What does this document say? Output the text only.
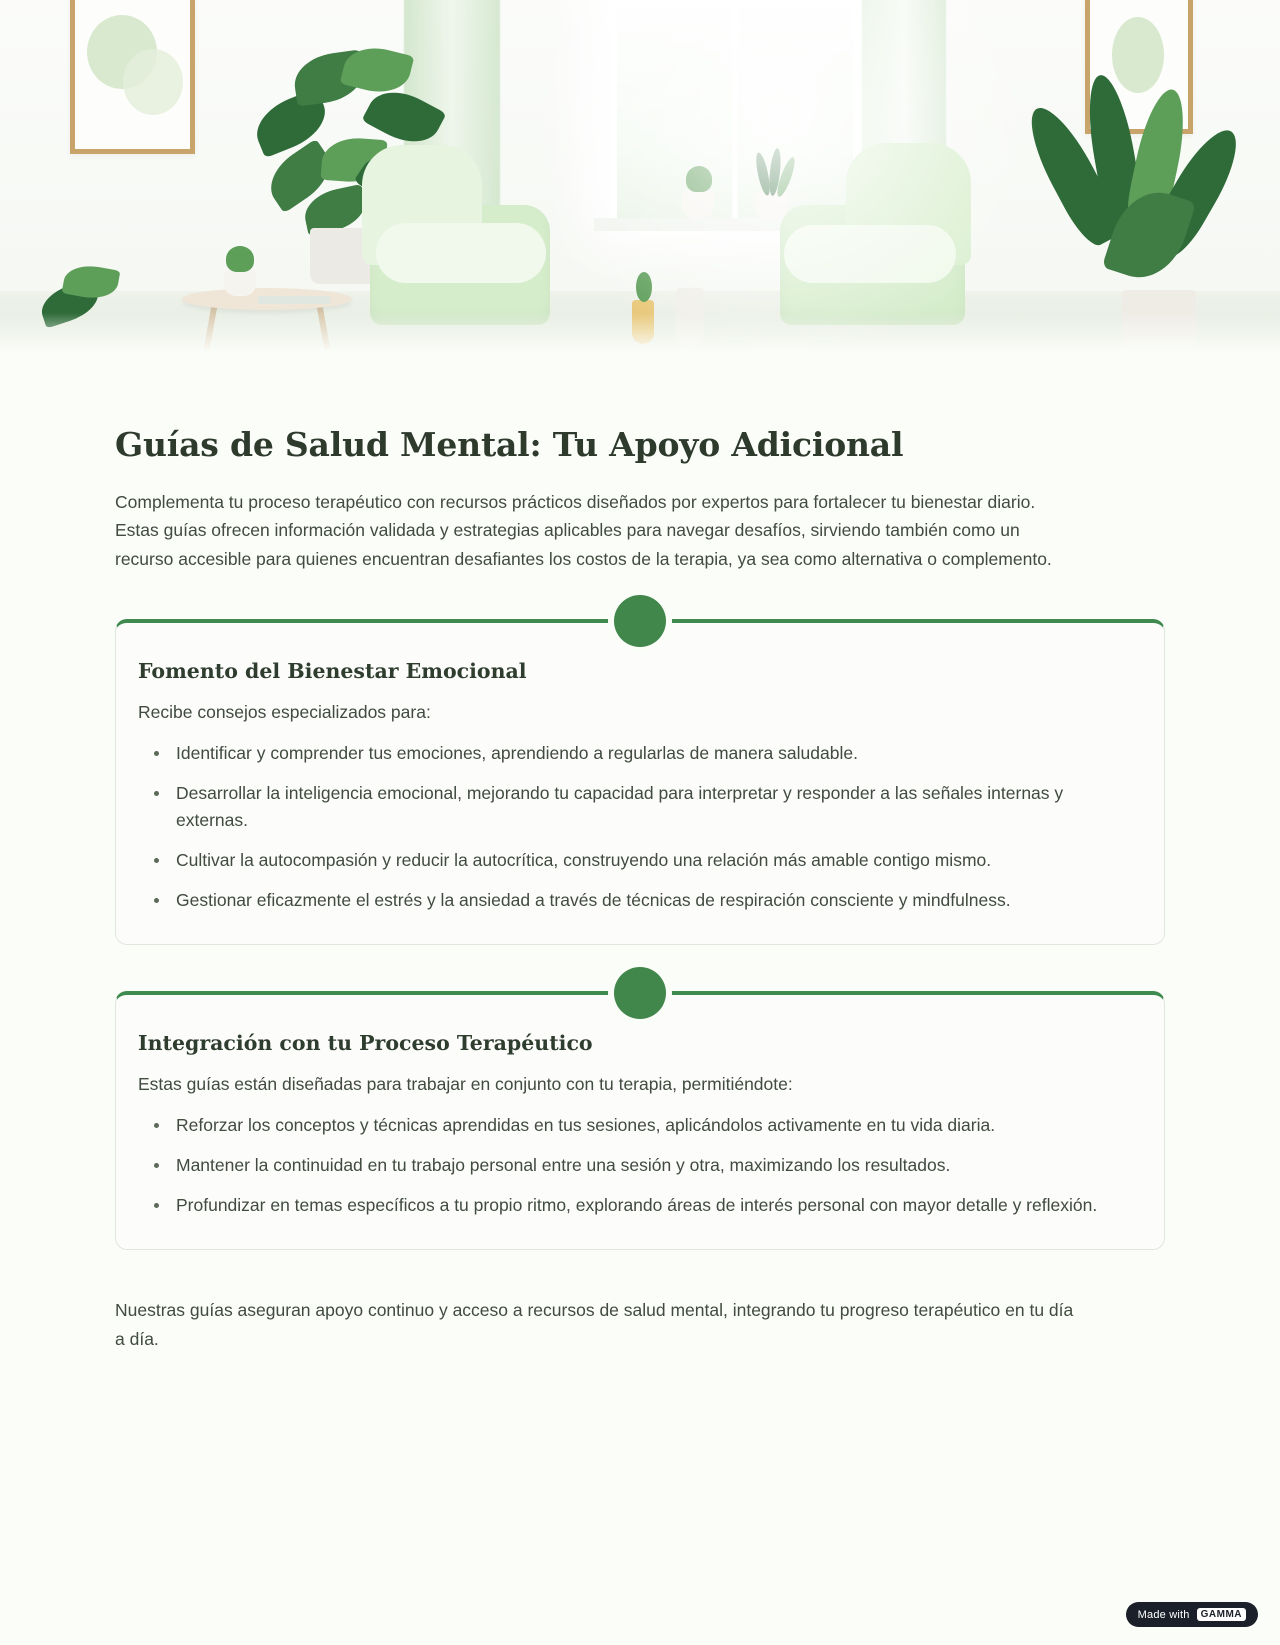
Guías de Salud Mental: Tu Apoyo Adicional

Complementa tu proceso terapéutico con recursos prácticos diseñados por expertos para fortalecer tu bienestar diario. Estas guías ofrecen información validada y estrategias aplicables para navegar desafíos, sirviendo también como un recurso accesible para quienes encuentran desafiantes los costos de la terapia, ya sea como alternativa o complemento.

Fomento del Bienestar Emocional

Recibe consejos especializados para:

Identificar y comprender tus emociones, aprendiendo a regularlas de manera saludable.
Desarrollar la inteligencia emocional, mejorando tu capacidad para interpretar y responder a las señales internas y externas.
Cultivar la autocompasión y reducir la autocrítica, construyendo una relación más amable contigo mismo.
Gestionar eficazmente el estrés y la ansiedad a través de técnicas de respiración consciente y mindfulness.
Integración con tu Proceso Terapéutico

Estas guías están diseñadas para trabajar en conjunto con tu terapia, permitiéndote:

Reforzar los conceptos y técnicas aprendidas en tus sesiones, aplicándolos activamente en tu vida diaria.
Mantener la continuidad en tu trabajo personal entre una sesión y otra, maximizando los resultados.
Profundizar en temas específicos a tu propio ritmo, explorando áreas de interés personal con mayor detalle y reflexión.

Nuestras guías aseguran apoyo continuo y acceso a recursos de salud mental, integrando tu progreso terapéutico en tu día a día.

Made with	GAMMA
